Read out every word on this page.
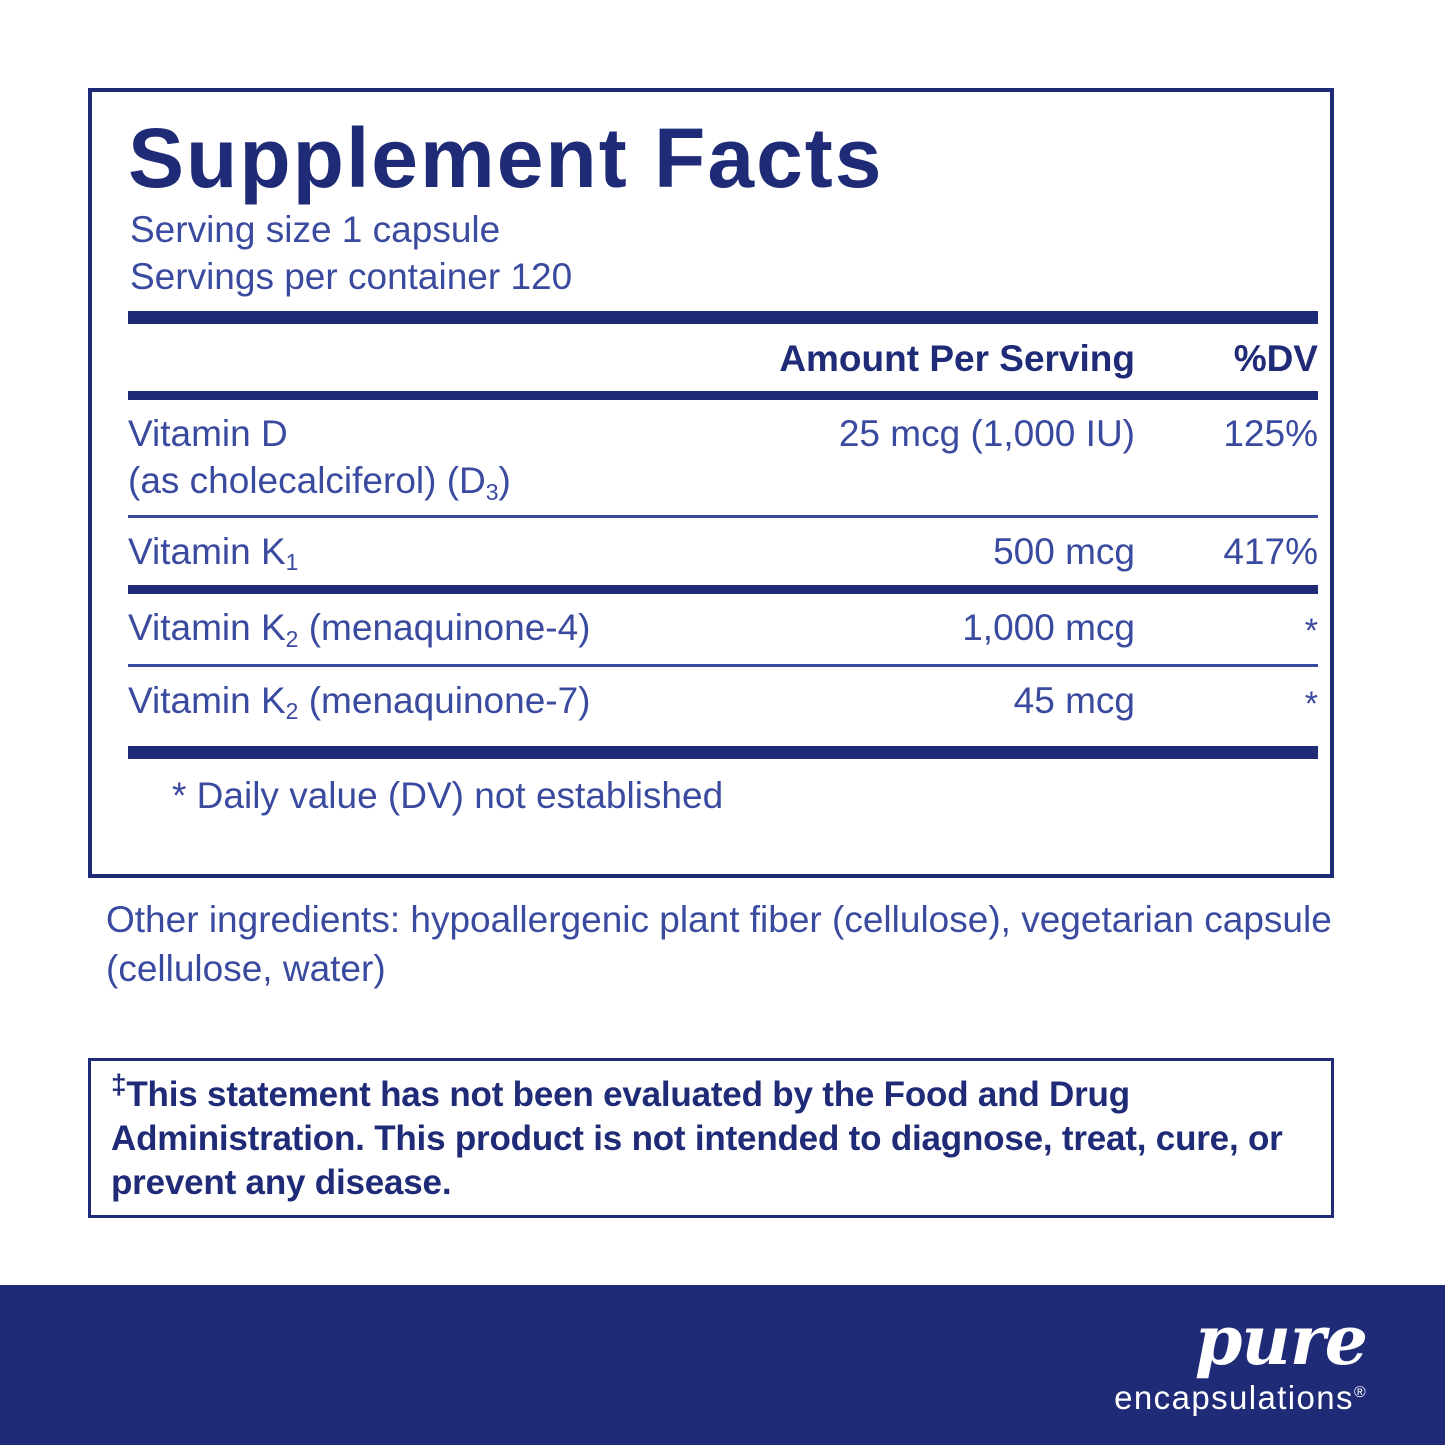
Supplement Facts
Serving size 1 capsule
Servings per container 120
Amount Per Serving	%DV
Vitamin D
(as cholecalciferol) $(D_3)$
25 mcg (1,000 IU)	125%
Vitamin $K_1$	500 mcg	417%
Vitamin $K_2$ (menaquinone-4)	1,000 mcg	*
Vitamin $K_2$ (menaquinone-7)	45 mcg	*
* Daily value (DV) not established
Other ingredients: hypoallergenic plant fiber (cellulose), vegetarian capsule (cellulose, water)
‡This statement has not been evaluated by the Food and Drug Administration. This product is not intended to diagnose, treat, cure, or prevent any disease.
pure
encapsulations®
